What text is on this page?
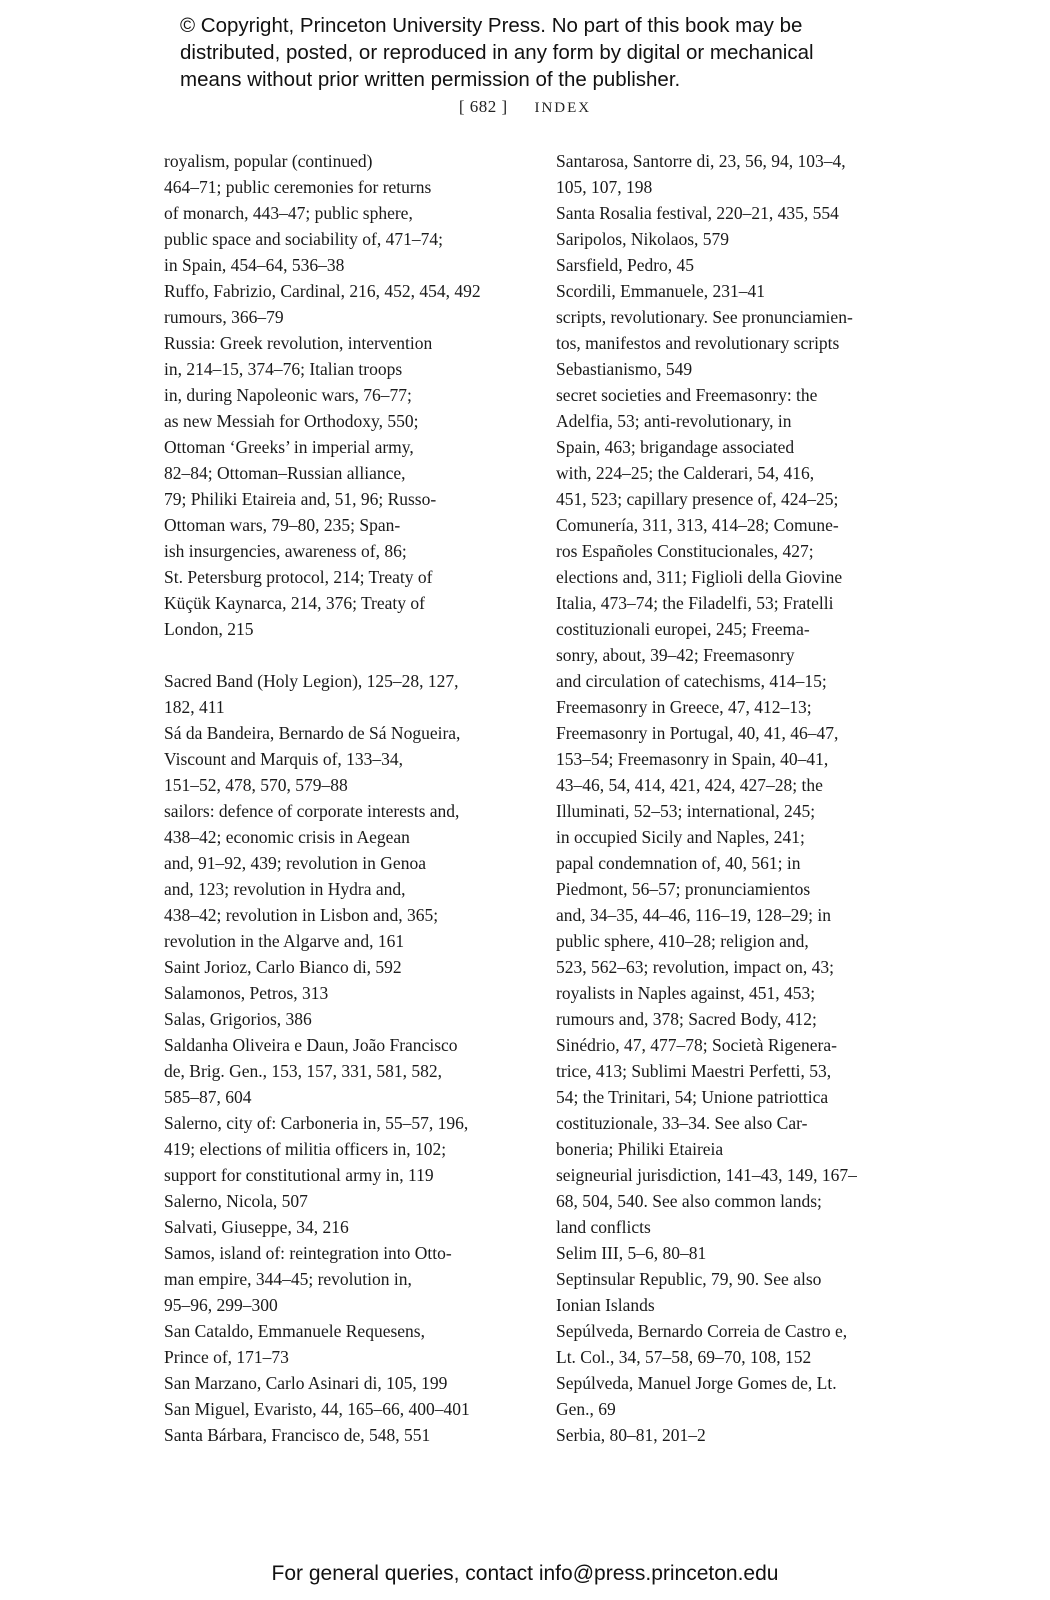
© Copyright, Princeton University Press. No part of this book may be
distributed, posted, or reproduced in any form by digital or mechanical
means without prior written permission of the publisher.
[ 682 ] INDEX
royalism, popular (continued)
464–71; public ceremonies for returns
of monarch, 443–47; public sphere,
public space and sociability of, 471–74;
in Spain, 454–64, 536–38
Ruffo, Fabrizio, Cardinal, 216, 452, 454, 492
rumours, 366–79
Russia: Greek revolution, intervention
in, 214–15, 374–76; Italian troops
in, during Napoleonic wars, 76–77;
as new Messiah for Orthodoxy, 550;
Ottoman ‘Greeks’ in imperial army,
82–84; Ottoman–Russian alliance,
79; Philiki Etaireia and, 51, 96; Russo-
Ottoman wars, 79–80, 235; Span-
ish insurgencies, awareness of, 86;
St. Petersburg protocol, 214; Treaty of
Küçük Kaynarca, 214, 376; Treaty of
London, 215
Sacred Band (Holy Legion), 125–28, 127,
182, 411
Sá da Bandeira, Bernardo de Sá Nogueira,
Viscount and Marquis of, 133–34,
151–52, 478, 570, 579–88
sailors: defence of corporate interests and,
438–42; economic crisis in Aegean
and, 91–92, 439; revolution in Genoa
and, 123; revolution in Hydra and,
438–42; revolution in Lisbon and, 365;
revolution in the Algarve and, 161
Saint Jorioz, Carlo Bianco di, 592
Salamonos, Petros, 313
Salas, Grigorios, 386
Saldanha Oliveira e Daun, João Francisco
de, Brig. Gen., 153, 157, 331, 581, 582,
585–87, 604
Salerno, city of: Carboneria in, 55–57, 196,
419; elections of militia officers in, 102;
support for constitutional army in, 119
Salerno, Nicola, 507
Salvati, Giuseppe, 34, 216
Samos, island of: reintegration into Otto-
man empire, 344–45; revolution in,
95–96, 299–300
San Cataldo, Emmanuele Requesens,
Prince of, 171–73
San Marzano, Carlo Asinari di, 105, 199
San Miguel, Evaristo, 44, 165–66, 400–401
Santa Bárbara, Francisco de, 548, 551
Santarosa, Santorre di, 23, 56, 94, 103–4,
105, 107, 198
Santa Rosalia festival, 220–21, 435, 554
Saripolos, Nikolaos, 579
Sarsfield, Pedro, 45
Scordili, Emmanuele, 231–41
scripts, revolutionary. See pronunciamien-
tos, manifestos and revolutionary scripts
Sebastianismo, 549
secret societies and Freemasonry: the
Adelfia, 53; anti-revolutionary, in
Spain, 463; brigandage associated
with, 224–25; the Calderari, 54, 416,
451, 523; capillary presence of, 424–25;
Comunería, 311, 313, 414–28; Comune-
ros Españoles Constitucionales, 427;
elections and, 311; Figlioli della Giovine
Italia, 473–74; the Filadelfi, 53; Fratelli
costituzionali europei, 245; Freema-
sonry, about, 39–42; Freemasonry
and circulation of catechisms, 414–15;
Freemasonry in Greece, 47, 412–13;
Freemasonry in Portugal, 40, 41, 46–47,
153–54; Freemasonry in Spain, 40–41,
43–46, 54, 414, 421, 424, 427–28; the
Illuminati, 52–53; international, 245;
in occupied Sicily and Naples, 241;
papal condemnation of, 40, 561; in
Piedmont, 56–57; pronunciamientos
and, 34–35, 44–46, 116–19, 128–29; in
public sphere, 410–28; religion and,
523, 562–63; revolution, impact on, 43;
royalists in Naples against, 451, 453;
rumours and, 378; Sacred Body, 412;
Sinédrio, 47, 477–78; Società Rigenera-
trice, 413; Sublimi Maestri Perfetti, 53,
54; the Trinitari, 54; Unione patriottica
costituzionale, 33–34. See also Car-
boneria; Philiki Etaireia
seigneurial jurisdiction, 141–43, 149, 167–
68, 504, 540. See also common lands;
land conflicts
Selim III, 5–6, 80–81
Septinsular Republic, 79, 90. See also
Ionian Islands
Sepúlveda, Bernardo Correia de Castro e,
Lt. Col., 34, 57–58, 69–70, 108, 152
Sepúlveda, Manuel Jorge Gomes de, Lt.
Gen., 69
Serbia, 80–81, 201–2
For general queries, contact info@press.princeton.edu
